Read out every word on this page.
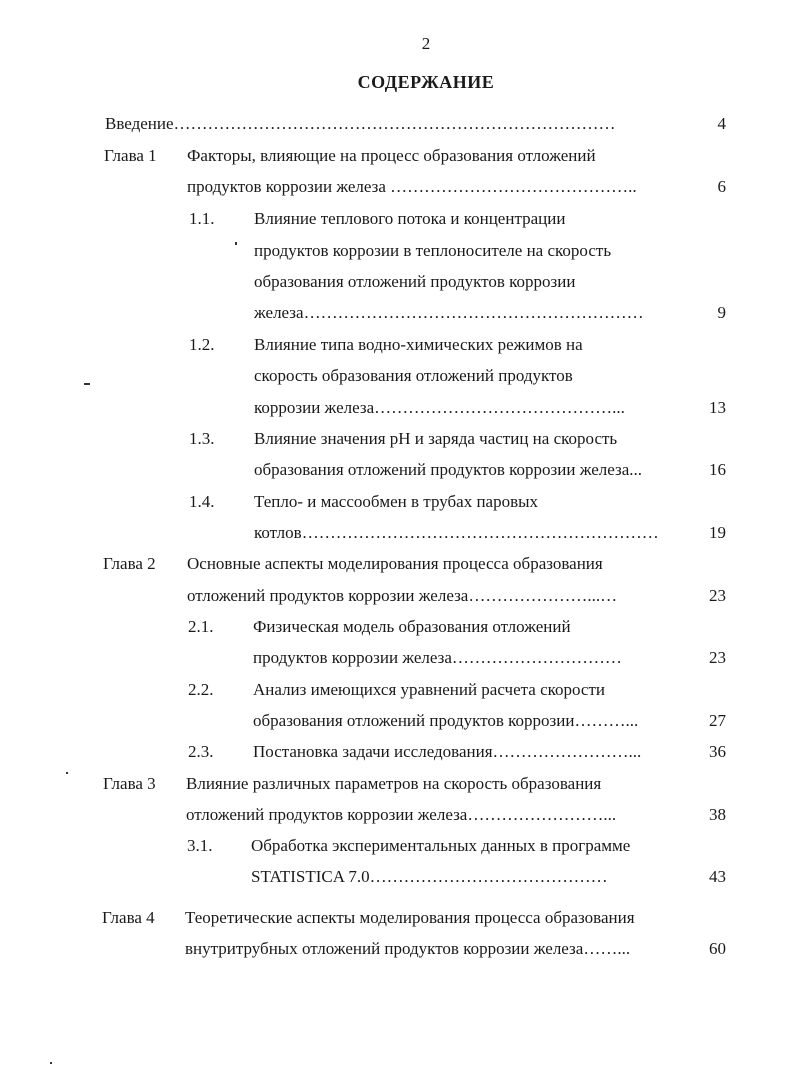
2
СОДЕРЖАНИЕ
Введение……………………………………………………………………	4
Глава 1 Факторы, влияющие на процесс образования отложений
продуктов коррозии железа ……………………………………..	6
1.1. Влияние теплового потока и концентрации
продуктов коррозии в теплоносителе на скорость
образования отложений продуктов коррозии
железа……………………………………………………	9
1.2. Влияние типа водно-химических режимов на
скорость образования отложений продуктов
коррозии железа……………………………………...	13
1.3. Влияние значения pH и заряда частиц на скорость
образования отложений продуктов коррозии железа...	16
1.4. Тепло- и массообмен в трубах паровых
котлов………………………………………………………	19
Глава 2 Основные аспекты моделирования процесса образования
отложений продуктов коррозии железа…………………...…	23
2.1. Физическая модель образования отложений
продуктов коррозии железа…………………………	23
2.2. Анализ имеющихся уравнений расчета скорости
образования отложений продуктов коррозии………...	27
2.3. Постановка задачи исследования……………………...	36
Глава 3 Влияние различных параметров на скорость образования
отложений продуктов коррозии железа……………………...	38
3.1. Обработка экспериментальных данных в программе
STATISTICA 7.0……………………………………	43
Глава 4 Теоретические аспекты моделирования процесса образования
внутритрубных отложений продуктов коррозии железа……...	60
